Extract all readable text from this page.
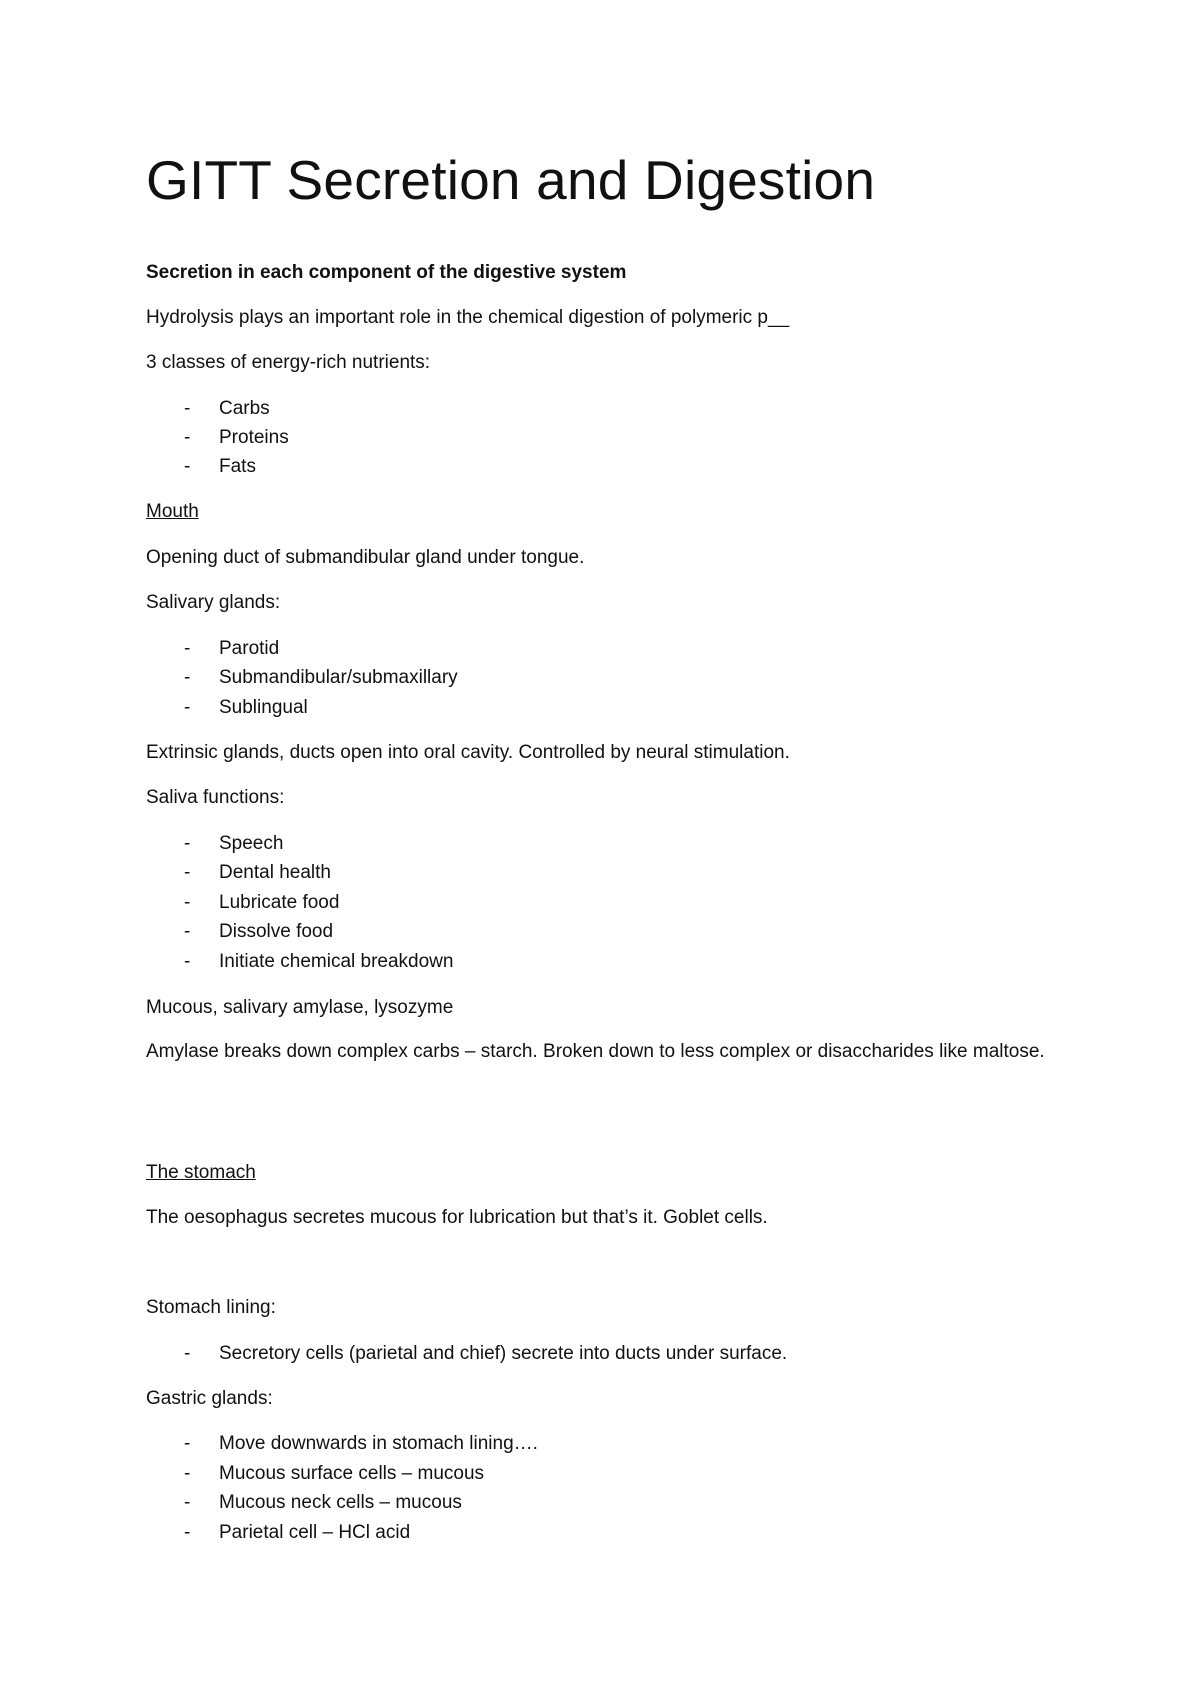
GITT Secretion and Digestion
Secretion in each component of the digestive system
Hydrolysis plays an important role in the chemical digestion of polymeric p__
3 classes of energy-rich nutrients:
- Carbs
- Proteins
- Fats
Mouth
Opening duct of submandibular gland under tongue.
Salivary glands:
- Parotid
- Submandibular/submaxillary
- Sublingual
Extrinsic glands, ducts open into oral cavity. Controlled by neural stimulation.
Saliva functions:
- Speech
- Dental health
- Lubricate food
- Dissolve food
- Initiate chemical breakdown
Mucous, salivary amylase, lysozyme
Amylase breaks down complex carbs – starch. Broken down to less complex or disaccharides like maltose.
The stomach
The oesophagus secretes mucous for lubrication but that’s it. Goblet cells.
Stomach lining:
- Secretory cells (parietal and chief) secrete into ducts under surface.
Gastric glands:
- Move downwards in stomach lining….
- Mucous surface cells – mucous
- Mucous neck cells – mucous
- Parietal cell – HCl acid
